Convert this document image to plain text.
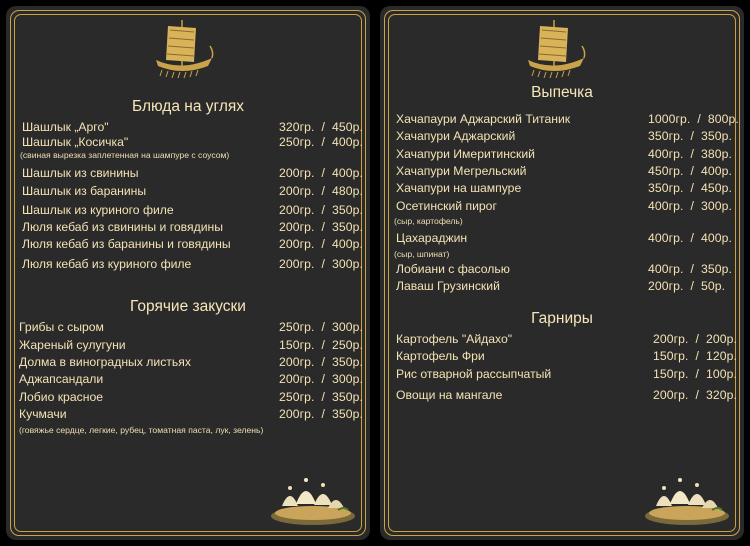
Блюда на углях
Шашлык „Арго"	320гр.  /  450р.
Шашлык „Косичка"	250гр.  /  400р.
(свиная вырезка заплетенная на шампуре с соусом)
Шашлык из свинины	200гр.  /  400р.
Шашлык из баранины	200гр.  /  480р.
Шашлык из куриного филе	200гр.  /  350р.
Люля кебаб из свинины и говядины	200гр.  /  350р.
Люля кебаб из баранины и говядины	200гр.  /  400р.
Люля кебаб из куриного филе	200гр.  /  300р.
Горячие закуски
Грибы с сыром	250гр.  /  300р.
Жареный сулугуни	150гр.  /  250р.
Долма в виноградных листьях	200гр.  /  350р.
Аджапсандали	200гр.  /  300р.
Лобио красное	250гр.  /  350р.
Кучмачи	200гр.  /  350р.
(говяжье сердце, легкие, рубец, томатная паста, лук, зелень)
Выпечка
Хачапаури Аджарский Титаник	1000гр.  /  800р.
Хачапури Аджарский	350гр.  /  350р.
Хачапури Имеритинский	400гр.  /  380р.
Хачапури Мегрельский	450гр.  /  400р.
Хачапури на шампуре	350гр.  /  450р.
Осетинский пирог	400гр.  /  300р.
(сыр, картофель)
Цахараджин	400гр.  /  400р.
(сыр, шпинат)
Лобиани с фасолью	400гр.  /  350р.
Лаваш Грузинский	200гр.  /  50р.
Гарниры
Картофель "Айдахо"	200гр.  /  200р.
Картофель Фри	150гр.  /  120р.
Рис отварной рассыпчатый	150гр.  /  100р.
Овощи на мангале	200гр.  /  320р.
